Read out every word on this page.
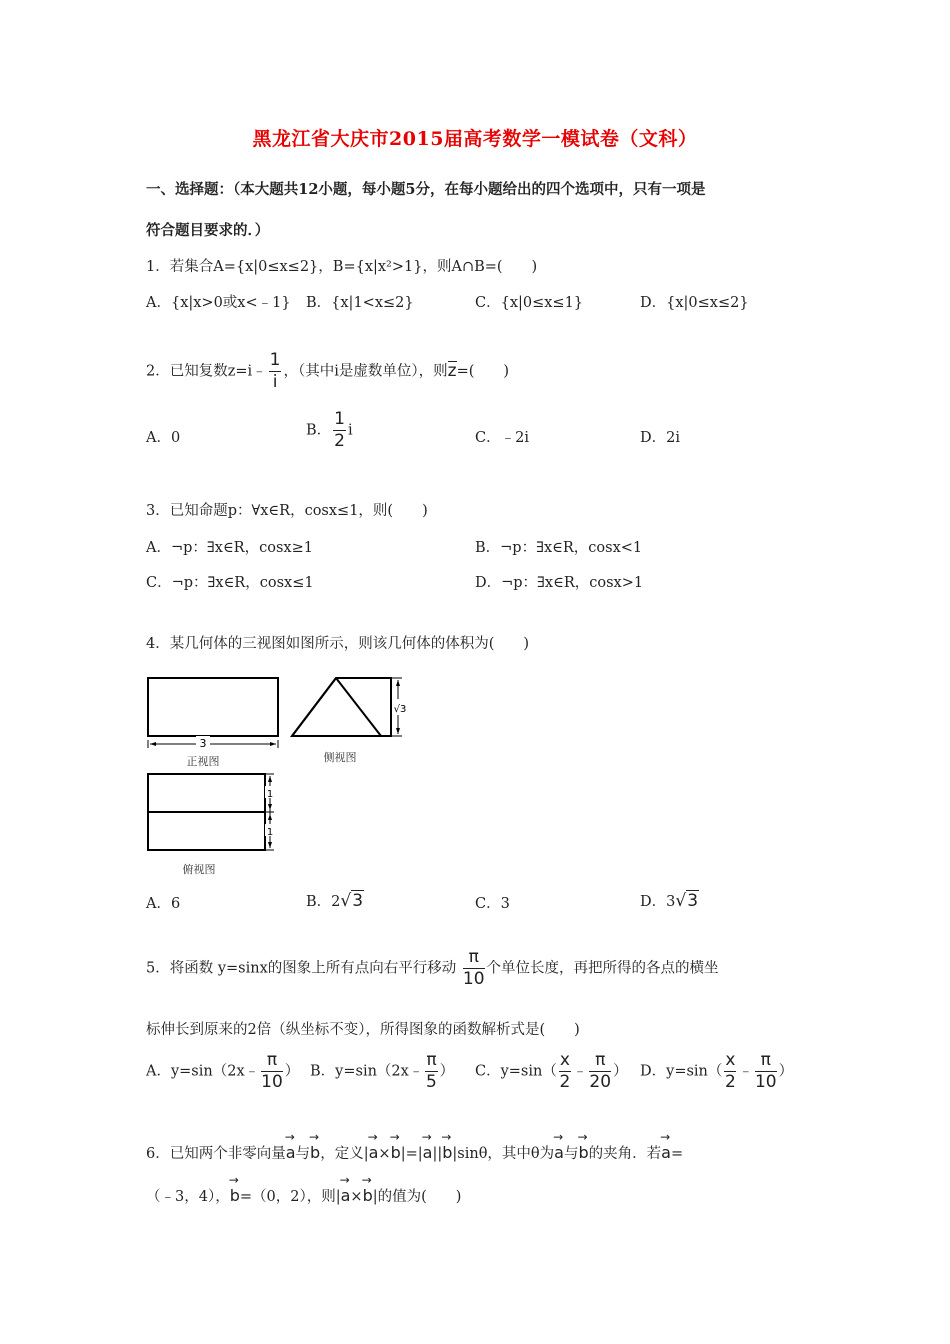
黑龙江省大庆市2015届高考数学一模试卷（文科）
一、选择题：（本大题共12小题，每小题5分，在每小题给出的四个选项中，只有一项是
符合题目要求的．）
1．若集合A={x|0≤x≤2}，B={x|x²>1}，则A∩B=(　　)
A．{x|x>0或x<﹣1} B．{x|1<x≤2}	C．{x|0≤x≤1}	D．{x|0≤x≤2}
2．已知复数z=i﹣ $\frac{1}{i}$ ，（其中i是虚数单位），则z=(　　)
A．0	B． $\frac{1}{2}$ i	C．﹣2i	D．2i
3．已知命题p：∀x∈R，cosx≤1，则(　　)
A．¬p：∃x∈R，cosx≥1	B．¬p：∃x∈R，cosx<1
C．¬p：∃x∈R，cosx≤1	D．¬p：∃x∈R，cosx>1
4．某几何体的三视图如图所示，则该几何体的体积为(　　)
3
正视图
√3
侧视图
1
1
俯视图
A．6	B．2√3	C．3	D．3√3
5．将函数 y=sinx的图象上所有点向右平行移动 $\frac{\pi}{10}$ 个单位长度，再把所得的各点的横坐
标伸长到原来的2倍（纵坐标不变），所得图象的函数解析式是(　　)
A．y=sin（2x﹣ $\frac{\pi}{10}$ ） B．y=sin（2x﹣ $\frac{\pi}{5}$ ） C．$y=\sin( \frac{x}{2}$ ﹣ $\frac{\pi}{20}$ ） D．$y=\sin( \frac{x}{2}$ ﹣ $\frac{\pi}{10}$ ）
6．已知两个非零向量→ a与→ b，定义|→ a×→ b|=|→ a||→ b|sinθ，其中θ为→ a与→ b的夹角．若→ a=
（﹣3，4），→ b=（0，2），则|→ a×→ b|的值为(　　)
